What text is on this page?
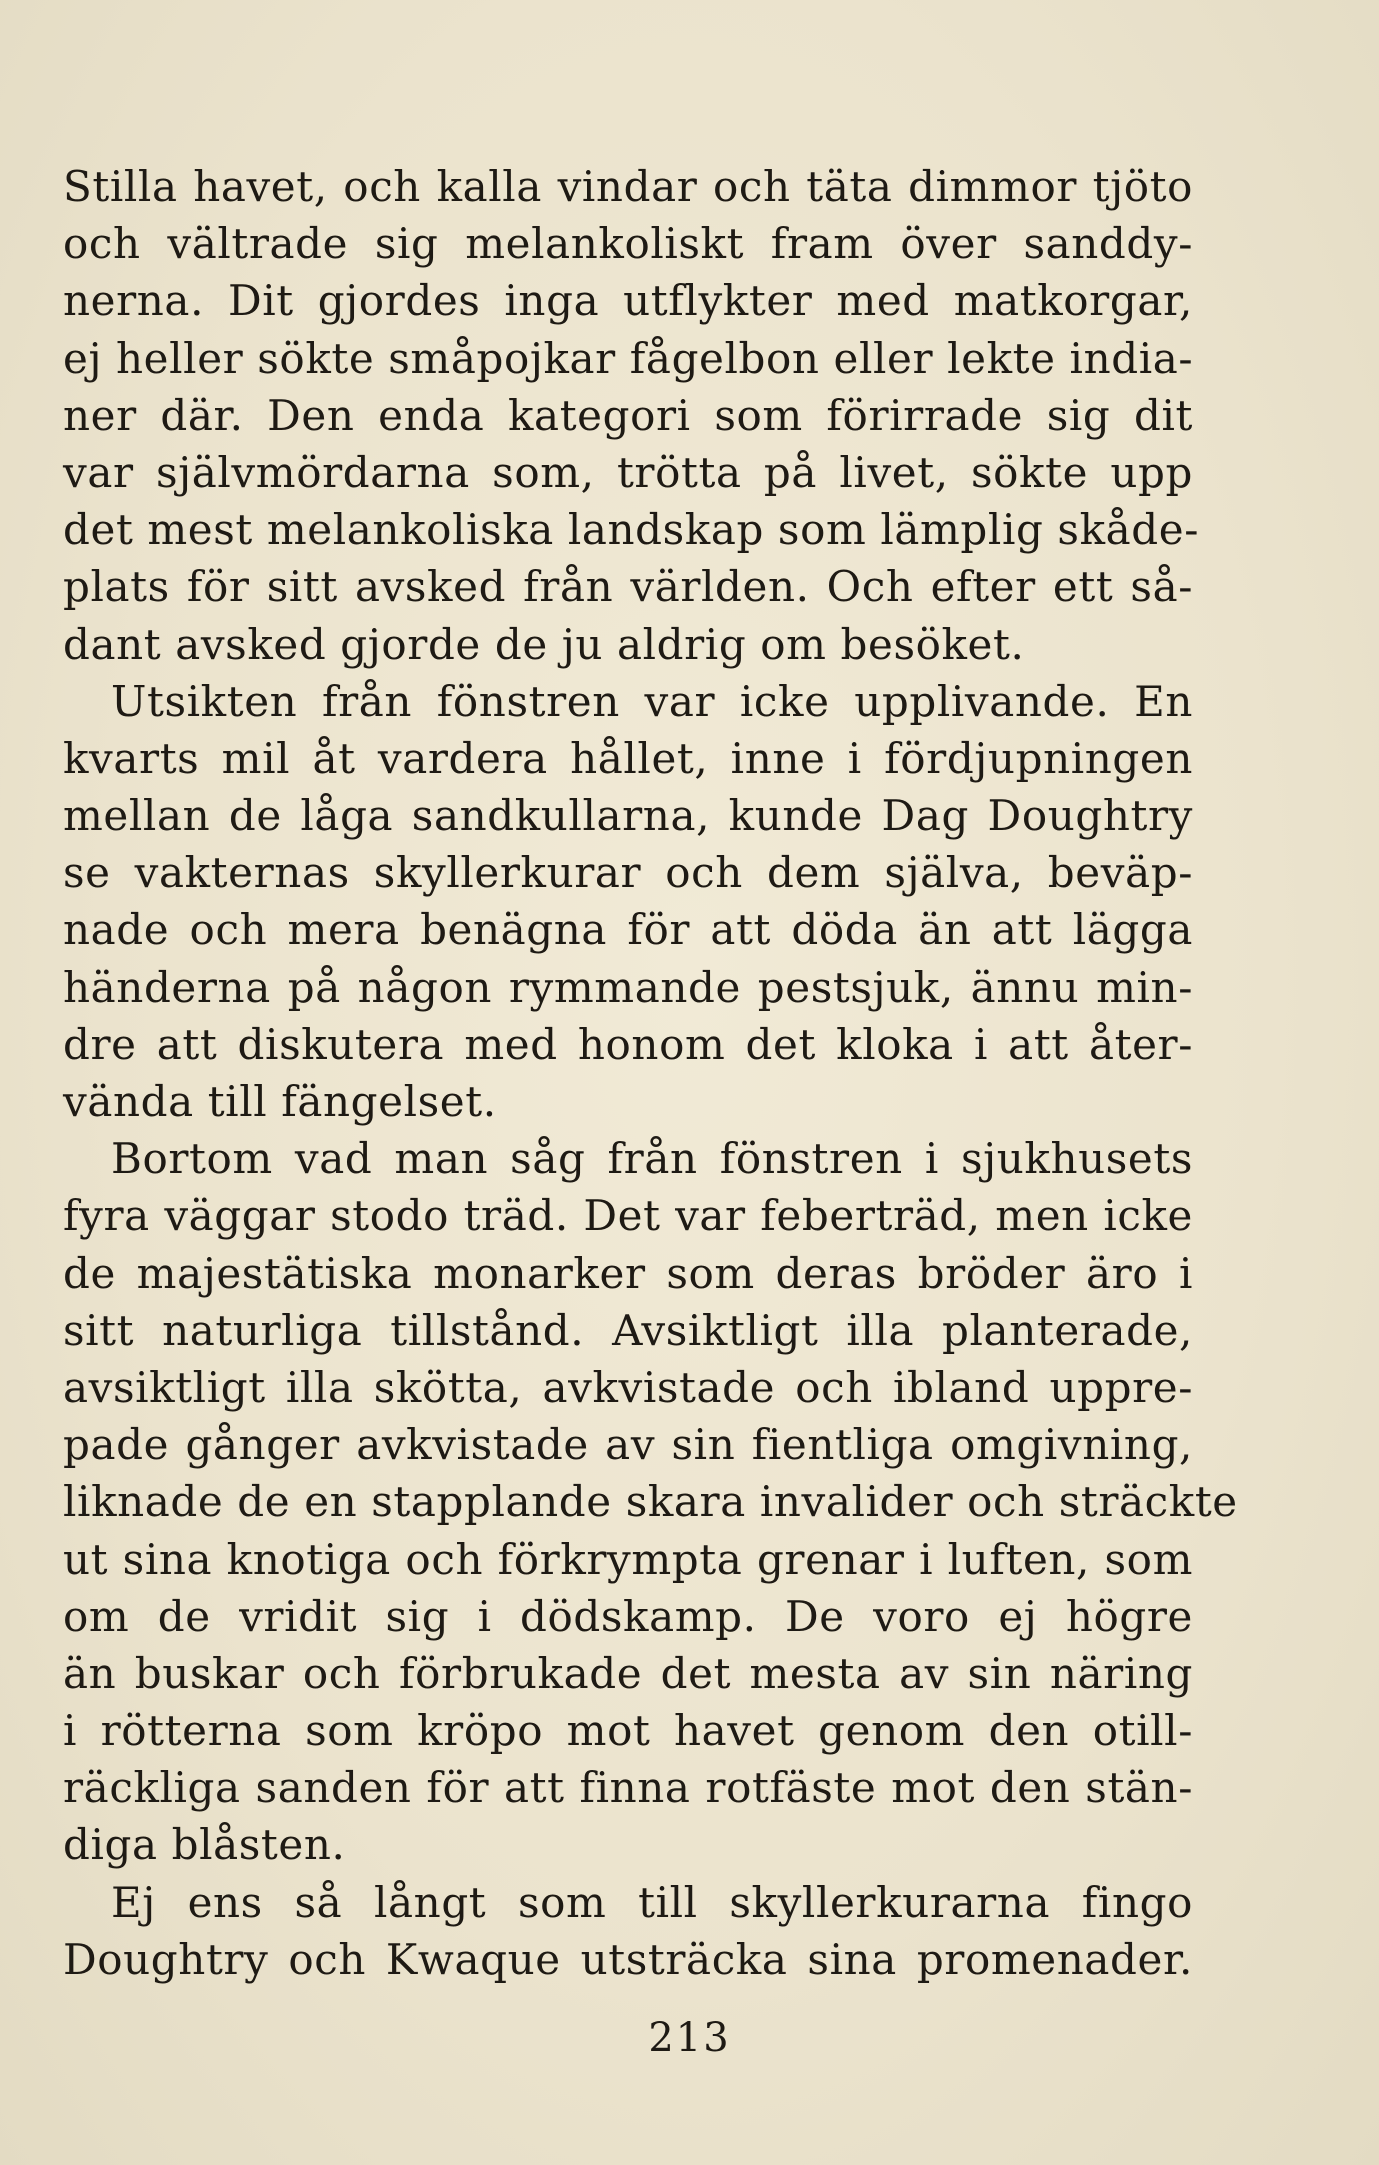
Stilla havet, och kalla vindar och täta dimmor tjöto
och vältrade sig melankoliskt fram över sanddy-
nerna. Dit gjordes inga utflykter med matkorgar,
ej heller sökte småpojkar fågelbon eller lekte india-
ner där. Den enda kategori som förirrade sig dit
var självmördarna som, trötta på livet, sökte upp
det mest melankoliska landskap som lämplig skåde-
plats för sitt avsked från världen. Och efter ett så-
dant avsked gjorde de ju aldrig om besöket.
Utsikten från fönstren var icke upplivande. En
kvarts mil åt vardera hållet, inne i fördjupningen
mellan de låga sandkullarna, kunde Dag Doughtry
se vakternas skyllerkurar och dem själva, beväp-
nade och mera benägna för att döda än att lägga
händerna på någon rymmande pestsjuk, ännu min-
dre att diskutera med honom det kloka i att åter-
vända till fängelset.
Bortom vad man såg från fönstren i sjukhusets
fyra väggar stodo träd. Det var feberträd, men icke
de majestätiska monarker som deras bröder äro i
sitt naturliga tillstånd. Avsiktligt illa planterade,
avsiktligt illa skötta, avkvistade och ibland uppre-
pade gånger avkvistade av sin fientliga omgivning,
liknade de en stapplande skara invalider och sträckte
ut sina knotiga och förkrympta grenar i luften, som
om de vridit sig i dödskamp. De voro ej högre
än buskar och förbrukade det mesta av sin näring
i rötterna som kröpo mot havet genom den otill-
räckliga sanden för att finna rotfäste mot den stän-
diga blåsten.
Ej ens så långt som till skyllerkurarna fingo
Doughtry och Kwaque utsträcka sina promenader.
213
